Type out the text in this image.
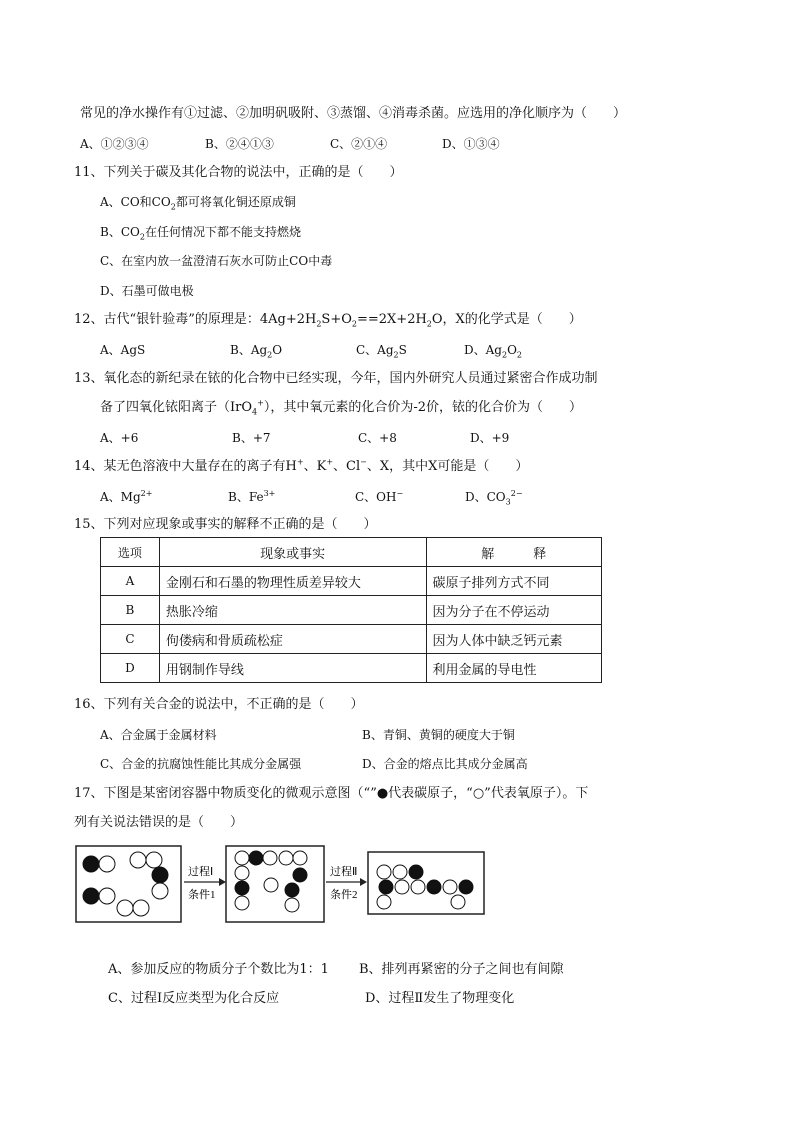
常见的净水操作有①过滤、②加明矾吸附、③蒸馏、④消毒杀菌。应选用的净化顺序为（　　）
A、①②③④	B、②④①③	C、②①④	D、①③④
11、下列关于碳及其化合物的说法中，正确的是（　　）
A、CO和$CO_2$都可将氧化铜还原成铜
B、$CO_2$在任何情况下都不能支持燃烧
C、在室内放一盆澄清石灰水可防止CO中毒
D、石墨可做电极
12、古代“银针验毒”的原理是：$4Ag+2H_2S+O_2==2X+2H_2O$，X的化学式是（　　）
A、AgS	B、$Ag_2O$	C、$Ag_2S$	D、$Ag_2O_2$
13、氧化态的新纪录在铱的化合物中已经实现，今年，国内外研究人员通过紧密合作成功制
备了四氧化铱阳离子（IrO$_4$+），其中氧元素的化合价为-2价，铱的化合价为（　　）
A、+6	B、+7	C、+8	D、+9
14、某无色溶液中大量存在的离子有H+、K+、Cl−、X，其中X可能是（　　）
A、$Mg^{2+}$	B、$Fe^{3+}$	C、OH−	D、$CO_3^{2-}$
15、下列对应现象或事实的解释不正确的是（　　）
选项	现象或事实	解　　　释
A	金刚石和石墨的物理性质差异较大	碳原子排列方式不同
B	热胀冷缩	因为分子在不停运动
C	佝偻病和骨质疏松症	因为人体中缺乏钙元素
D	用钢制作导线	利用金属的导电性
16、下列有关合金的说法中，不正确的是（　　）
A、合金属于金属材料	B、青铜、黄铜的硬度大于铜
C、合金的抗腐蚀性能比其成分金属强	D、合金的熔点比其成分金属高
17、下图是某密闭容器中物质变化的微观示意图（“”●代表碳原子，“○”代表氧原子）。下
列有关说法错误的是（　　）
过程Ⅰ
条件1
过程Ⅱ
条件2
A、参加反应的物质分子个数比为1：1 B、排列再紧密的分子之间也有间隙
C、过程Ⅰ反应类型为化合反应	D、过程Ⅱ发生了物理变化
